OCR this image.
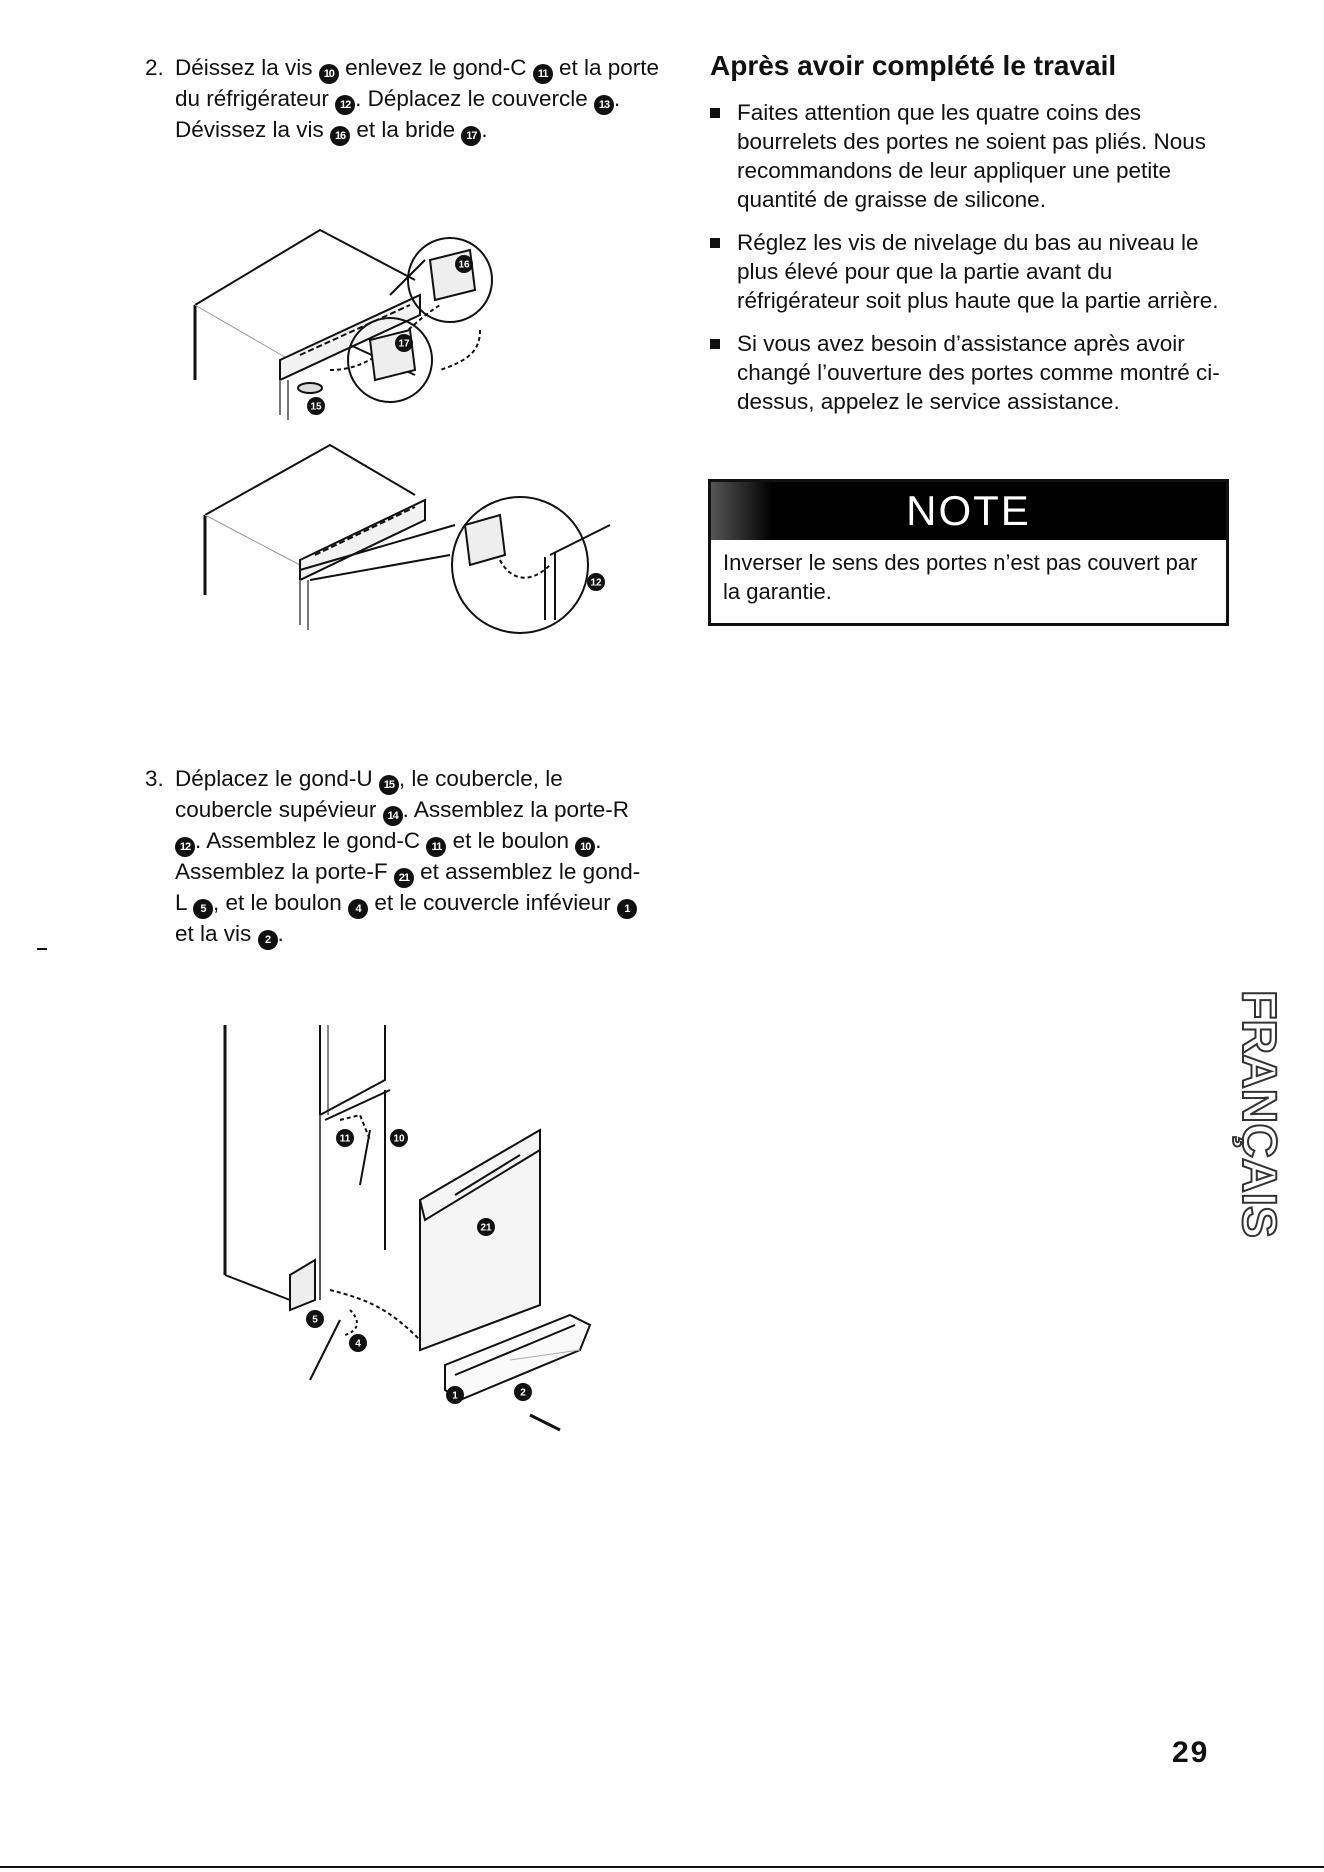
2. Déissez la vis 10 enlevez le gond-C 11 et la porte du réfrigérateur 12 . Déplacez le couvercle 13 . Dévissez la vis 16 et la bride 17 .

16
17
15
12
3. Déplacez le gond-U 15 , le coubercle, le coubercle supévieur 14 . Assemblez la porte-R 12 . Assemblez le gond-C 11 et le boulon 10 .

Assemblez la porte-F 21 et assemblez le gond-L 5 , et le boulon 4 et le couvercle infévieur 1 et la vis 2 .

11	10
21
5
4
1	2
Après avoir complété le travail
Faites attention que les quatre coins des bourrelets des portes ne soient pas pliés. Nous recommandons de leur appliquer une petite quantité de graisse de silicone.
Réglez les vis de nivelage du bas au niveau le plus élevé pour que la partie avant du réfrigérateur soit plus haute que la partie arrière.
Si vous avez besoin d’assistance après avoir changé l’ouverture des portes comme montré ci-dessus, appelez le service assistance.
NOTE
Inverser le sens des portes n’est pas couvert par la garantie.
FRANÇAIS
29
